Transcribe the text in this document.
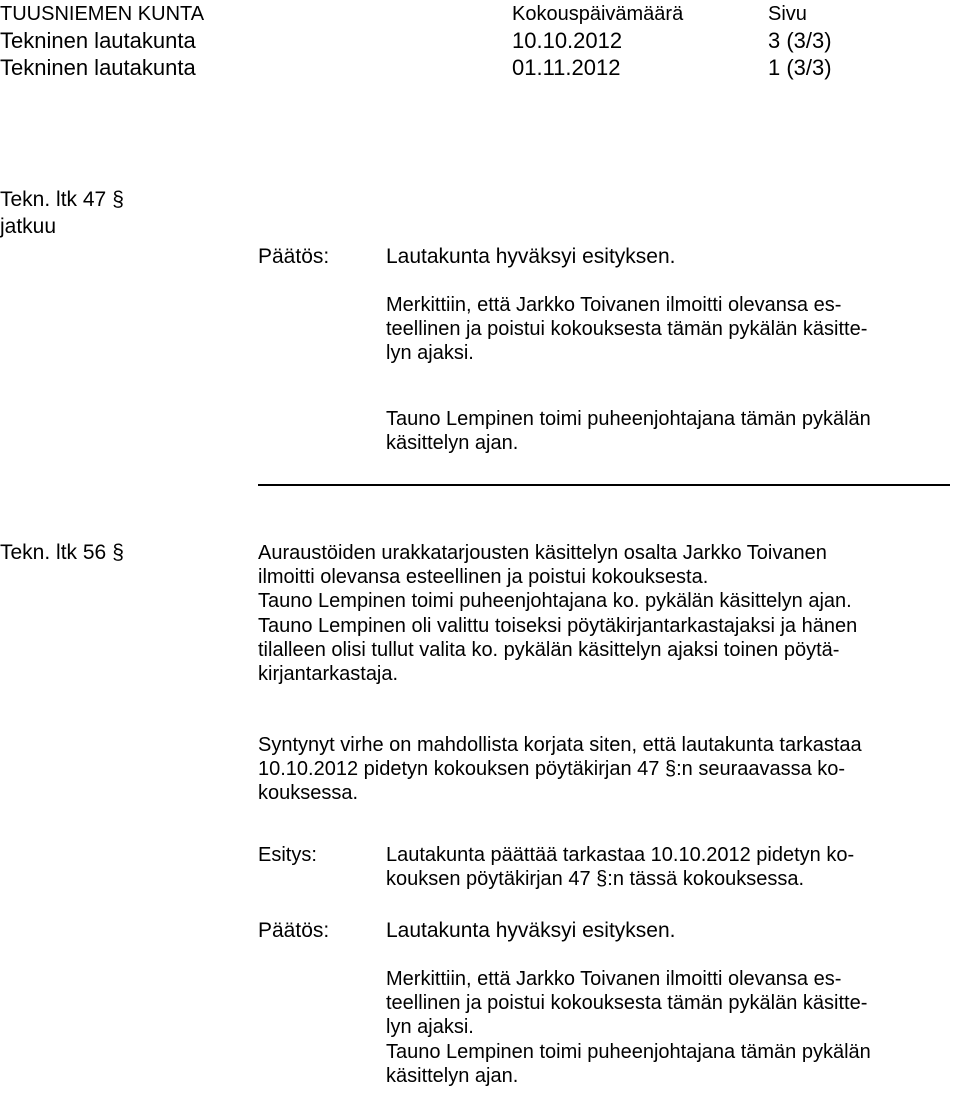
TUUSNIEMEN KUNTA	Kokouspäivämäärä	Sivu
Tekninen lautakunta	10.10.2012	3 (3/3)
Tekninen lautakunta	01.11.2012	1 (3/3)
Tekn. ltk 47 §
jatkuu
Päätös:	Lautakunta hyväksyi esityksen.
Merkittiin, että Jarkko Toivanen ilmoitti olevansa es-
teellinen ja poistui kokouksesta tämän pykälän käsitte-
lyn ajaksi.
Tauno Lempinen toimi puheenjohtajana tämän pykälän
käsittelyn ajan.
Tekn. ltk 56 §	Auraustöiden urakkatarjousten käsittelyn osalta Jarkko Toivanen
ilmoitti olevansa esteellinen ja poistui kokouksesta.
Tauno Lempinen toimi puheenjohtajana ko. pykälän käsittelyn ajan.
Tauno Lempinen oli valittu toiseksi pöytäkirjantarkastajaksi ja hänen
tilalleen olisi tullut valita ko. pykälän käsittelyn ajaksi toinen pöytä-
kirjantarkastaja.
Syntynyt virhe on mahdollista korjata siten, että lautakunta tarkastaa
10.10.2012 pidetyn kokouksen pöytäkirjan 47 §:n seuraavassa ko-
kouksessa.
Esitys:	Lautakunta päättää tarkastaa 10.10.2012 pidetyn ko-
kouksen pöytäkirjan 47 §:n tässä kokouksessa.
Päätös:	Lautakunta hyväksyi esityksen.
Merkittiin, että Jarkko Toivanen ilmoitti olevansa es-
teellinen ja poistui kokouksesta tämän pykälän käsitte-
lyn ajaksi.
Tauno Lempinen toimi puheenjohtajana tämän pykälän
käsittelyn ajan.
